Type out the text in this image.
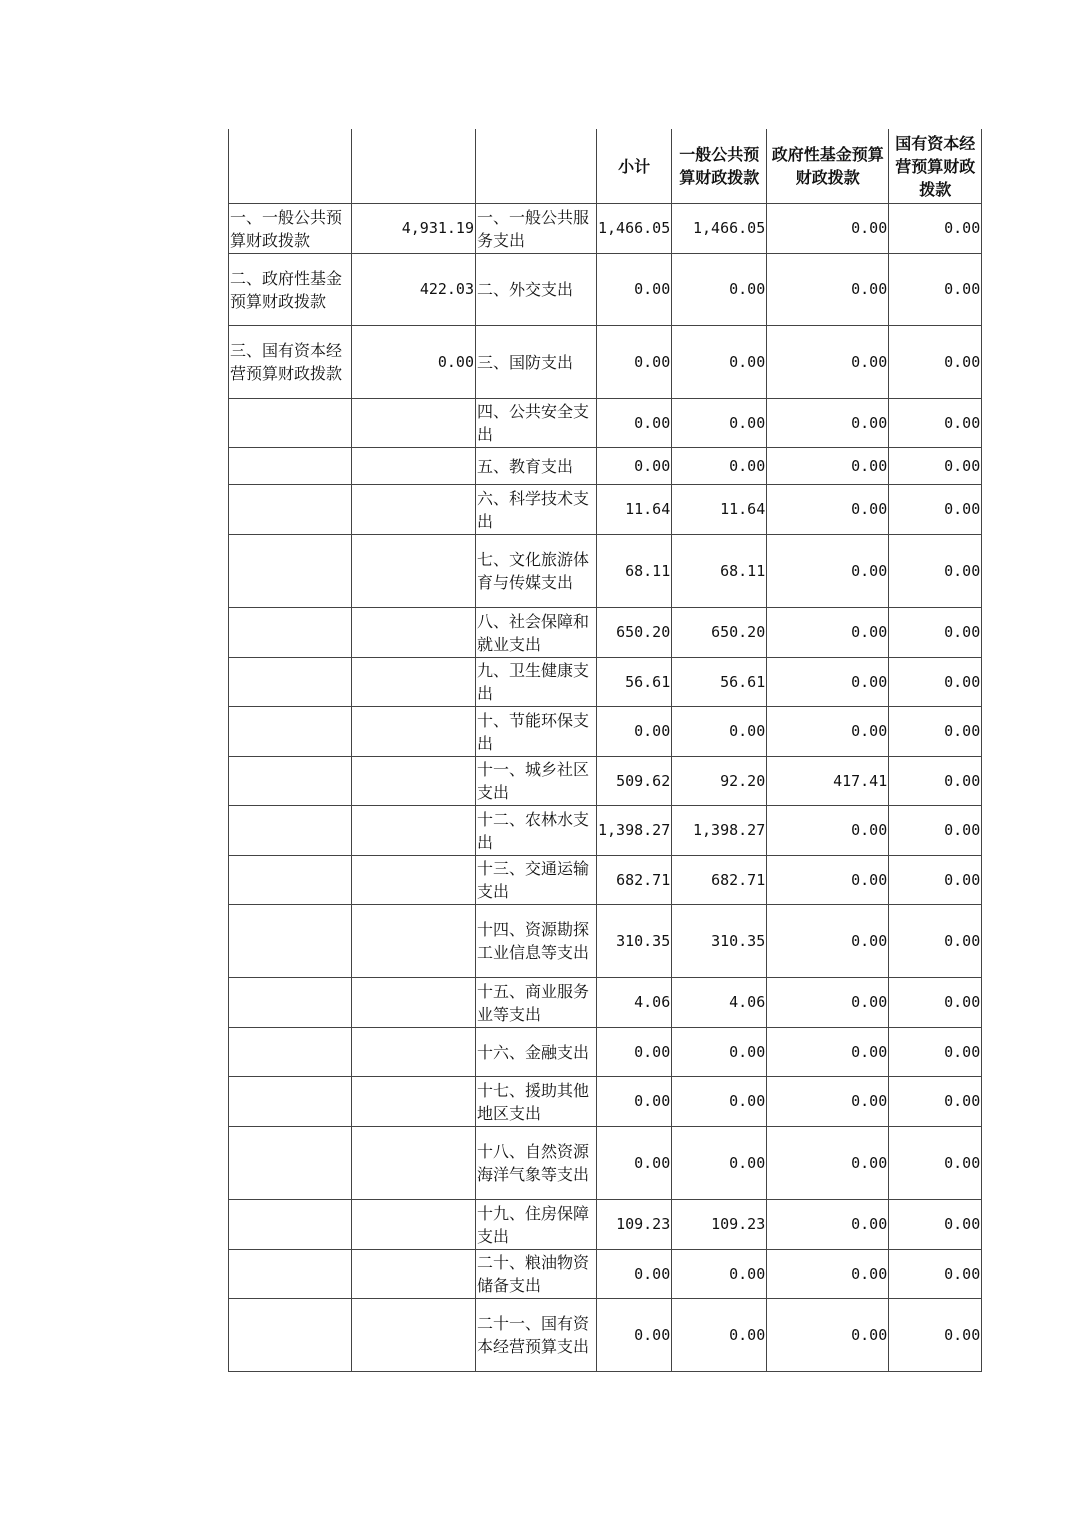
			小计	一般公共预算财政拨款	政府性基金预算财政拨款	国有资本经营预算财政拨款
一、一般公共预算财政拨款	4,931.19	一、一般公共服务支出	1,466.05	1,466.05	0.00	0.00
二、政府性基金预算财政拨款	422.03	二、外交支出	0.00	0.00	0.00	0.00
三、国有资本经营预算财政拨款	0.00	三、国防支出	0.00	0.00	0.00	0.00
		四、公共安全支出	0.00	0.00	0.00	0.00
		五、教育支出	0.00	0.00	0.00	0.00
		六、科学技术支出	11.64	11.64	0.00	0.00
		七、文化旅游体育与传媒支出	68.11	68.11	0.00	0.00
		八、社会保障和就业支出	650.20	650.20	0.00	0.00
		九、卫生健康支出	56.61	56.61	0.00	0.00
		十、节能环保支出	0.00	0.00	0.00	0.00
		十一、城乡社区支出	509.62	92.20	417.41	0.00
		十二、农林水支出	1,398.27	1,398.27	0.00	0.00
		十三、交通运输支出	682.71	682.71	0.00	0.00
		十四、资源勘探工业信息等支出	310.35	310.35	0.00	0.00
		十五、商业服务业等支出	4.06	4.06	0.00	0.00
		十六、金融支出	0.00	0.00	0.00	0.00
		十七、援助其他地区支出	0.00	0.00	0.00	0.00
		十八、自然资源海洋气象等支出	0.00	0.00	0.00	0.00
		十九、住房保障支出	109.23	109.23	0.00	0.00
		二十、粮油物资储备支出	0.00	0.00	0.00	0.00
		二十一、国有资本经营预算支出	0.00	0.00	0.00	0.00
